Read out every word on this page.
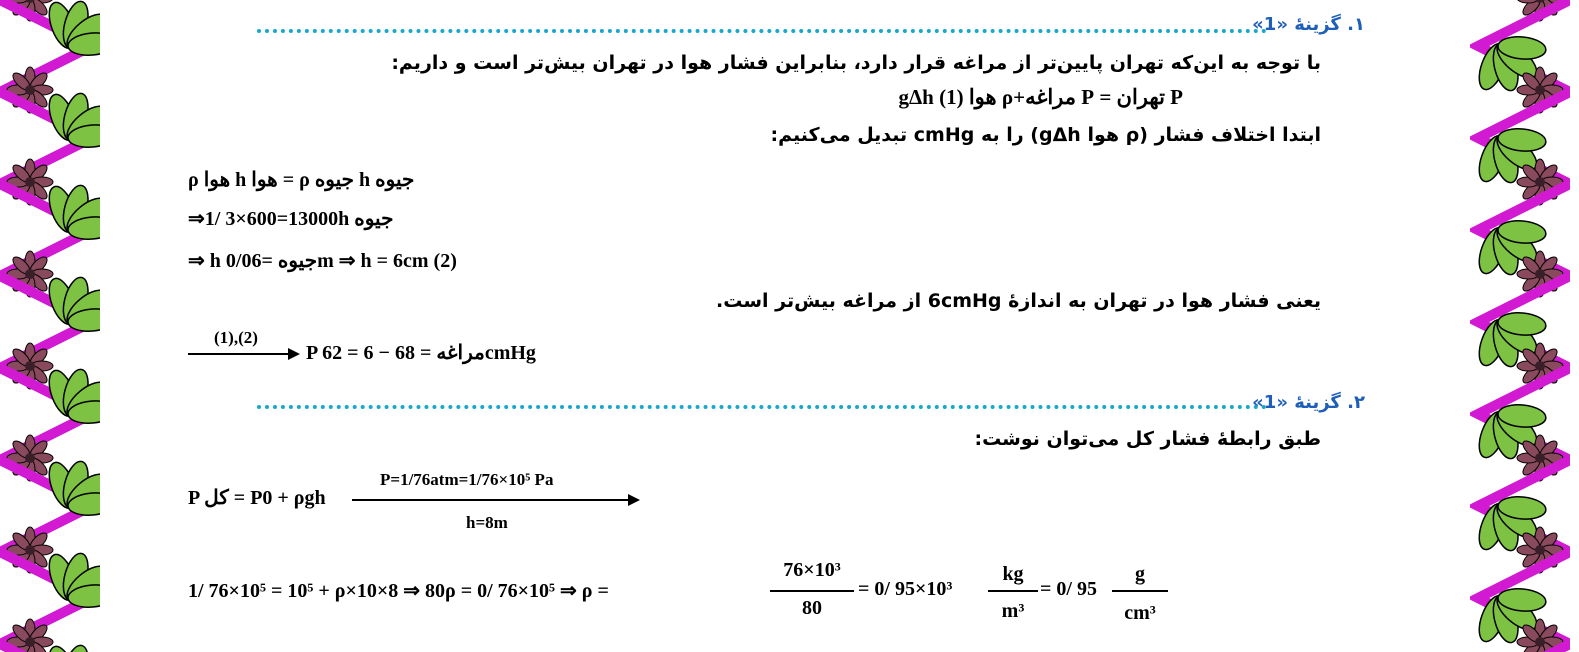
۱. گزینهٔ «1»
با توجه به این‌که تهران پایین‌تر از مراغه قرار دارد، بنابراین فشار هوا در تهران بیش‌تر است و داریم:
P تهران = P مراغه+ρ هوا gΔh (1)
ابتدا اختلاف فشار (ρ هوا gΔh) را به cmHg تبدیل می‌کنیم:
ρ هوا h هوا = ρ جیوه h جیوه
⇒1/ 3×600=13000h جیوه
⇒ h جیوه =0/06m ⇒ h = 6cm (2)
یعنی فشار هوا در تهران به اندازهٔ 6cmHg از مراغه بیش‌تر است.
(1),(2)
P مراغه = 68 − 6 = 62cmHg
۲. گزینهٔ «1»
طبق رابطهٔ فشار کل می‌توان نوشت:
P کل = P0 + ρgh
P=1/76atm=1/76×10⁵ Pa
h=8m
1/ 76×10⁵ = 10⁵ + ρ×10×8 ⇒ 80ρ = 0/ 76×10⁵ ⇒ ρ =
76×10³
80
= 0/ 95×10³
kg
m³
= 0/ 95
g
cm³
